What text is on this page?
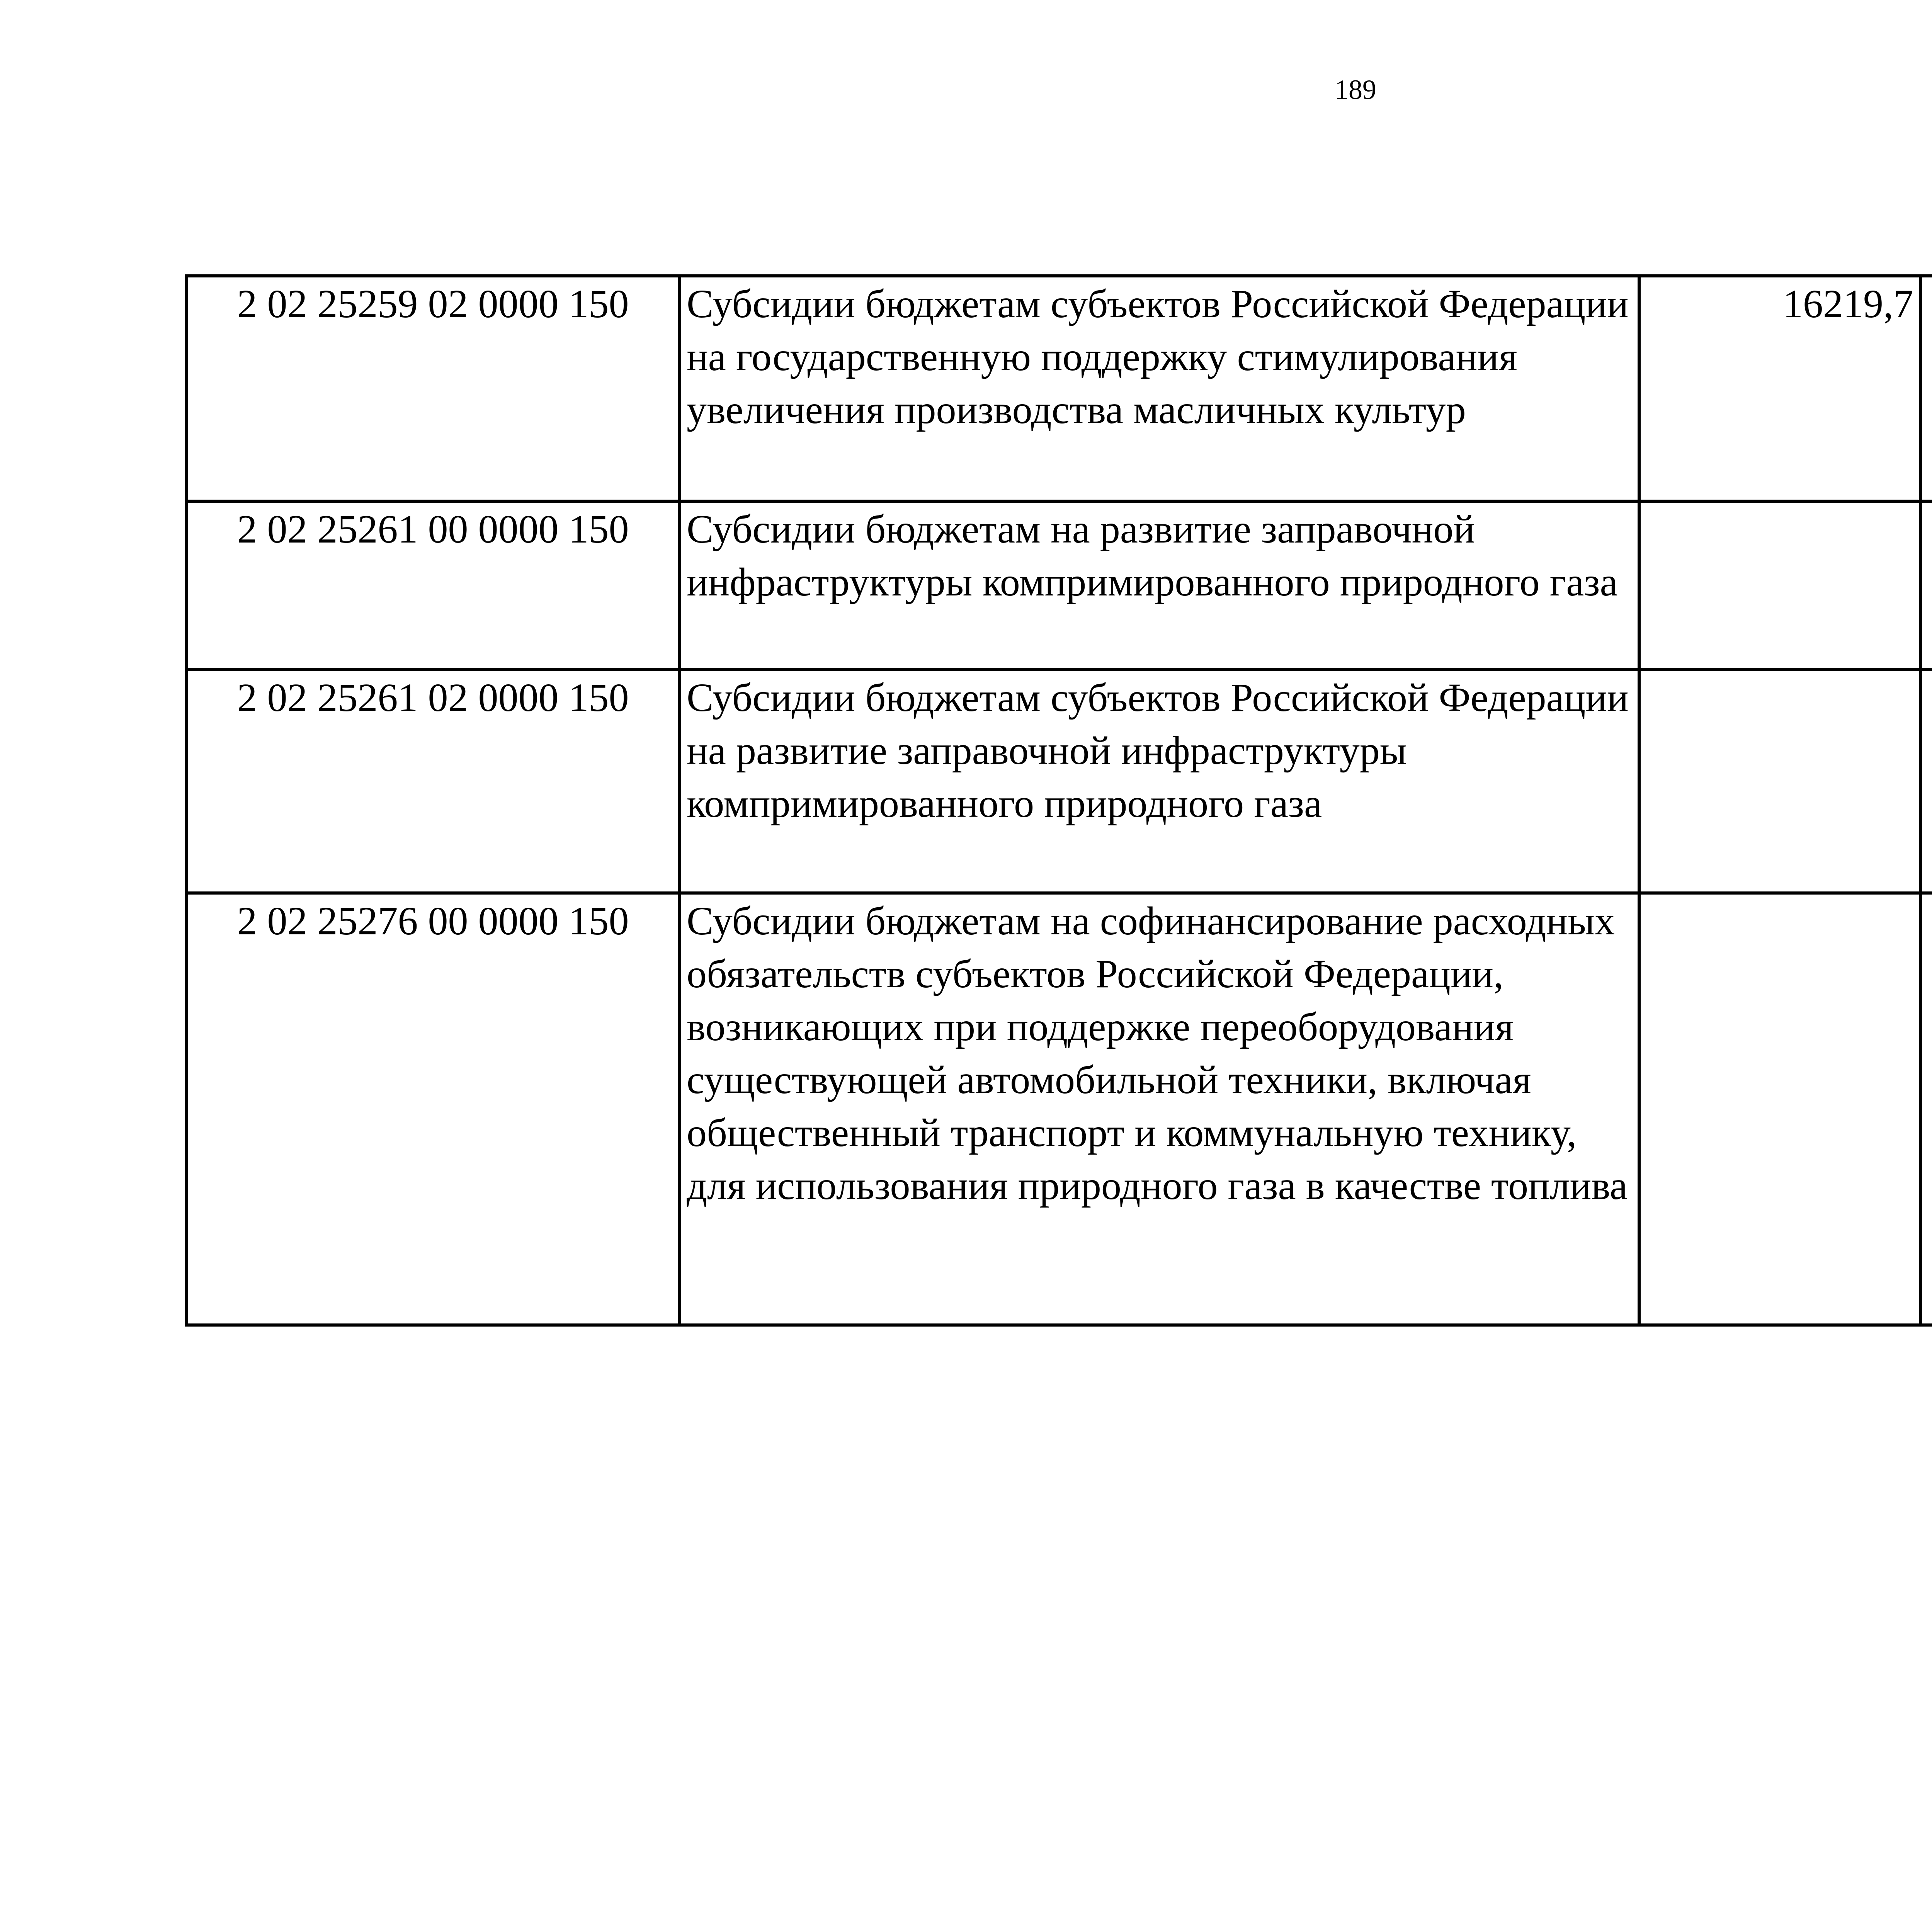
189
2 02 25259 02 0000 150	Субсидии бюджетам субъектов Российской Федерации на государственную поддержку стимулирования увеличения производства масличных культур	16219,7		
2 02 25261 00 0000 150	Субсидии бюджетам на развитие заправочной инфраструктуры компримированного природного газа			
2 02 25261 02 0000 150	Субсидии бюджетам субъектов Российской Федерации на развитие заправочной инфраструктуры компримированного природного газа			
2 02 25276 00 0000 150	Субсидии бюджетам на софинансирование расходных обязательств субъектов Российской Федерации, возникающих при поддержке переоборудования существующей автомобильной техники, включая общественный транспорт и коммунальную технику, для использования природного газа в качестве топлива			
